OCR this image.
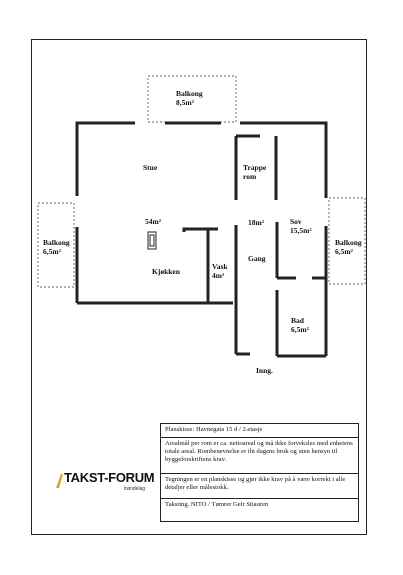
Balkong
8,5m²
Stue	Trappe
rom
Sov
15,5m²
54m²	18m²
Gang
Balkong
6,5m²
Balkong
6,5m²
Kjøkken
Vask
4m²
Bad
6,5m²
Inng.
TAKST-FORUM
trøndelag
Planskisse: Havnegata 15 d / 2.etasje
Arealmål per rom er ca. nettoareal og må ikke forveksles med enhetens totale areal. Rombenevnelse er iht dagens bruk og uten hensyn til byggeforskriftens krav.
Tegningen er en planskisse og gjør ikke krav på å være korrekt i alle detaljer eller målestokk.
Taksting. NITO / Tømrer Geir Stiauren
